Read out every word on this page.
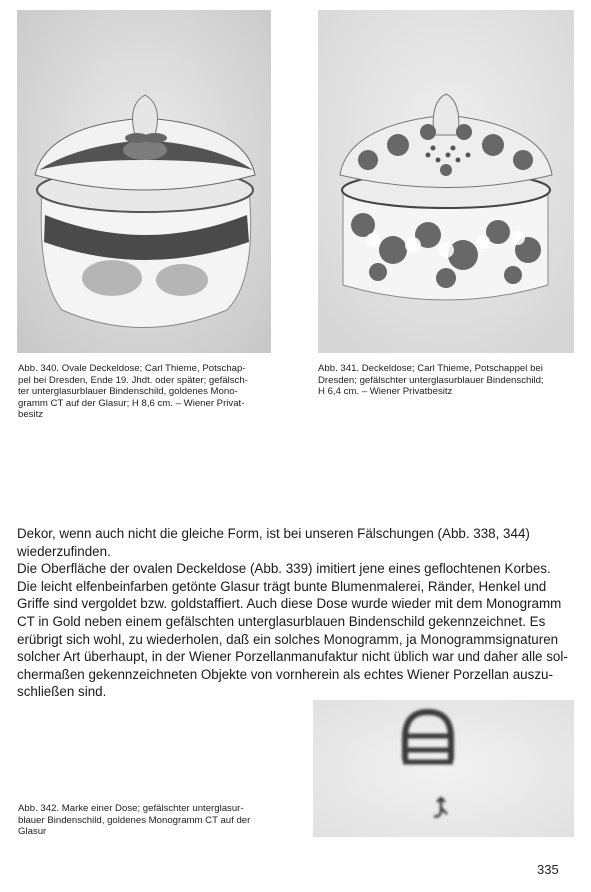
Abb. 340. Ovale Deckeldose; Carl Thieme, Potschap-

pel bei Dresden, Ende 19. Jhdt. oder später; gefälsch-

ter unterglasurblauer Bindenschild, goldenes Mono-

gramm CT auf der Glasur; H 8,6 cm. – Wiener Privat-

besitz

Abb. 341. Deckeldose; Carl Thieme, Potschappel bei

Dresden; gefälschter unterglasurblauer Bindenschild;

H 6,4 cm. – Wiener Privatbesitz

Dekor, wenn auch nicht die gleiche Form, ist bei unseren Fälschungen (Abb. 338, 344)

wiederzufinden.

Die Oberfläche der ovalen Deckeldose (Abb. 339) imitiert jene eines geflochtenen Korbes.

Die leicht elfenbeinfarben getönte Glasur trägt bunte Blumenmalerei, Ränder, Henkel und

Griffe sind vergoldet bzw. goldstaffiert. Auch diese Dose wurde wieder mit dem Monogramm

CT in Gold neben einem gefälschten unterglasurblauen Bindenschild gekennzeichnet. Es

erübrigt sich wohl, zu wiederholen, daß ein solches Monogramm, ja Monogrammsignaturen

solcher Art überhaupt, in der Wiener Porzellanmanufaktur nicht üblich war und daher alle sol-

chermaßen gekennzeichneten Objekte von vornherein als echtes Wiener Porzellan auszu-

schließen sind.

Abb. 342. Marke einer Dose; gefälschter unterglasur-

blauer Bindenschild, goldenes Monogramm CT auf der

Glasur

335
